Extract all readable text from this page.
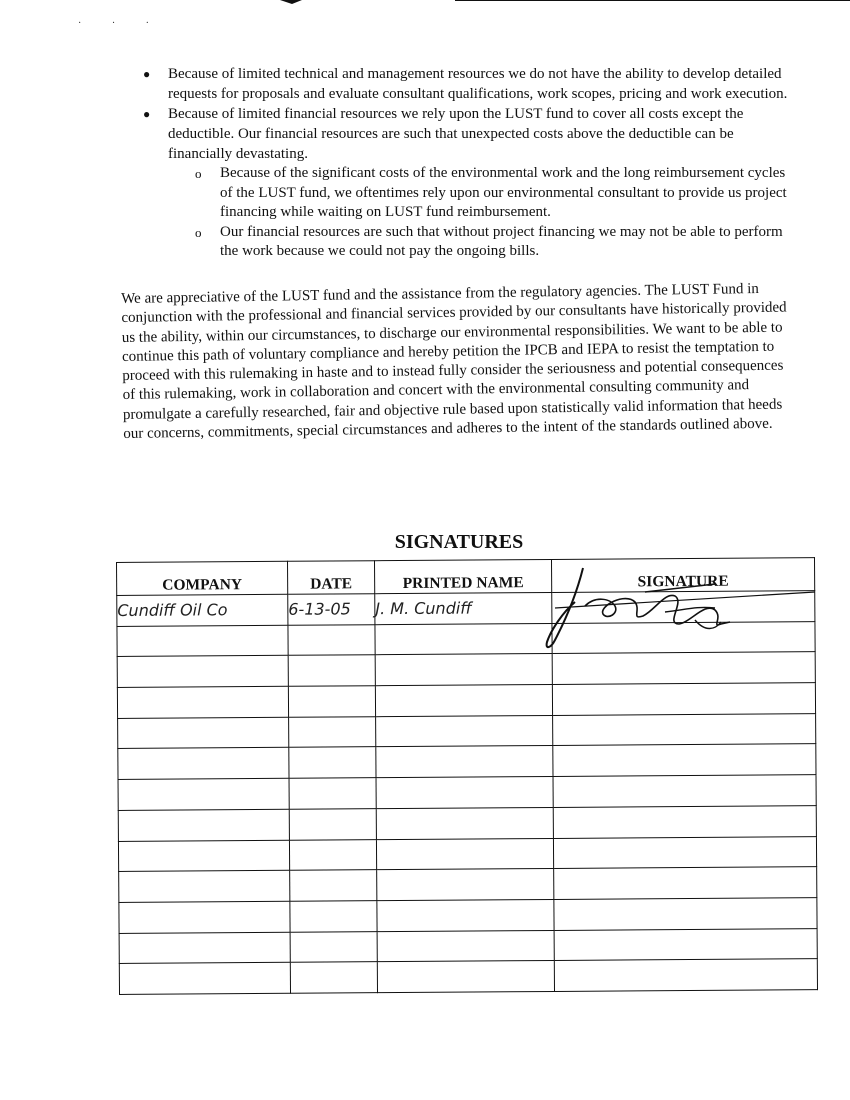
· · ·
● Because of limited technical and management resources we do not have the ability to develop detailed requests for proposals and evaluate consultant qualifications, work scopes, pricing and work execution.
● Because of limited financial resources we rely upon the LUST fund to cover all costs except the deductible. Our financial resources are such that unexpected costs above the deductible can be financially devastating.
o Because of the significant costs of the environmental work and the long reimbursement cycles of the LUST fund, we oftentimes rely upon our environmental consultant to provide us project financing while waiting on LUST fund reimbursement.
o Our financial resources are such that without project financing we may not be able to perform the work because we could not pay the ongoing bills.

We are appreciative of the LUST fund and the assistance from the regulatory agencies. The LUST Fund in conjunction with the professional and financial services provided by our consultants have historically provided us the ability, within our circumstances, to discharge our environmental responsibilities. We want to be able to continue this path of voluntary compliance and hereby petition the IPCB and IEPA to resist the temptation to proceed with this rulemaking in haste and to instead fully consider the seriousness and potential consequences of this rulemaking, work in collaboration and concert with the environmental consulting community and promulgate a carefully researched, fair and objective rule based upon statistically valid information that heeds our concerns, commitments, special circumstances and adheres to the intent of the standards outlined above.

SIGNATURES
COMPANY	DATE	PRINTED NAME	SIGNATURE
Cundiff Oil Co	6-13-05	J. M. Cundiff	
